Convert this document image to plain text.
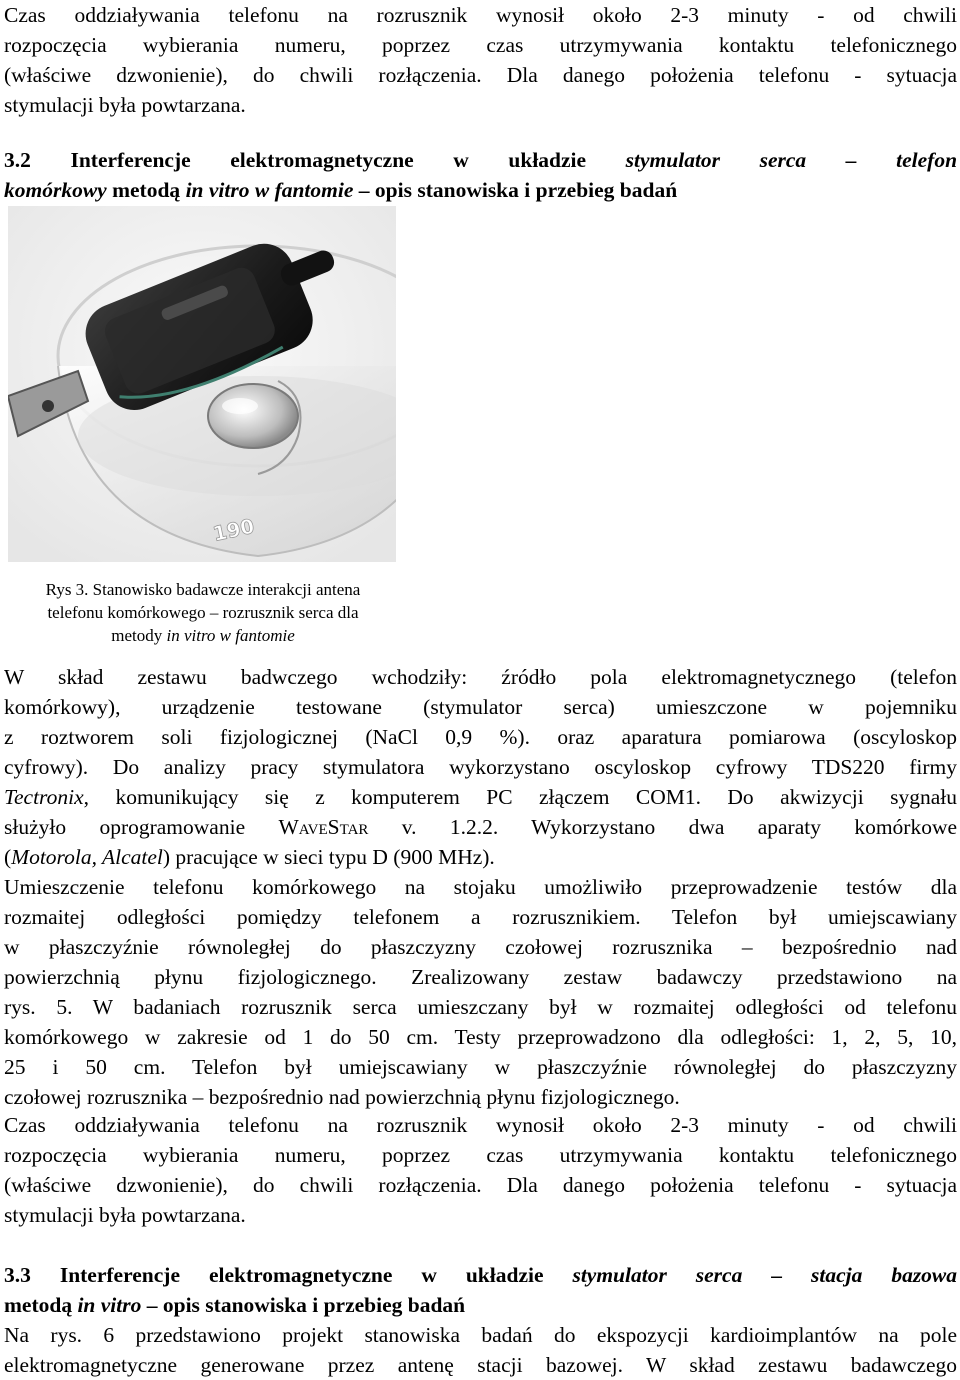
Czas oddziaływania telefonu na rozrusznik wynosił około 2-3 minuty - od chwili

rozpoczęcia wybierania numeru, poprzez czas utrzymywania kontaktu telefonicznego

(właściwe dzwonienie), do chwili rozłączenia. Dla danego położenia telefonu - sytuacja

stymulacji była powtarzana.

3.2 Interferencje elektromagnetyczne w układzie stymulator serca – telefon

komórkowy metodą in vitro w fantomie – opis stanowiska i przebieg badań

190
Rys 3. Stanowisko badawcze interakcji antena
telefonu komórkowego – rozrusznik serca dla
metody in vitro w fantomie

W skład zestawu badwczego wchodziły: źródło pola elektromagnetycznego (telefon

komórkowy), urządzenie testowane (stymulator serca) umieszczone w pojemniku

z roztworem soli fizjologicznej (NaCl 0,9 %). oraz aparatura pomiarowa (oscyloskop

cyfrowy). Do analizy pracy stymulatora wykorzystano oscyloskop cyfrowy TDS220 firmy

Tectronix, komunikujący się z komputerem PC złączem COM1. Do akwizycji sygnału

służyło oprogramowanie WaveStar v. 1.2.2. Wykorzystano dwa aparaty komórkowe

(Motorola, Alcatel) pracujące w sieci typu D (900 MHz).

Umieszczenie telefonu komórkowego na stojaku umożliwiło przeprowadzenie testów dla

rozmaitej odległości pomiędzy telefonem a rozrusznikiem. Telefon był umiejscawiany

w płaszczyźnie równoległej do płaszczyzny czołowej rozrusznika – bezpośrednio nad

powierzchnią płynu fizjologicznego. Zrealizowany zestaw badawczy przedstawiono na

rys. 5. W badaniach rozrusznik serca umieszczany był w rozmaitej odległości od telefonu

komórkowego w zakresie od 1 do 50 cm. Testy przeprowadzono dla odległości: 1, 2, 5, 10,

25 i 50 cm. Telefon był umiejscawiany w płaszczyźnie równoległej do płaszczyzny

czołowej rozrusznika – bezpośrednio nad powierzchnią płynu fizjologicznego.

Czas oddziaływania telefonu na rozrusznik wynosił około 2-3 minuty - od chwili

rozpoczęcia wybierania numeru, poprzez czas utrzymywania kontaktu telefonicznego

(właściwe dzwonienie), do chwili rozłączenia. Dla danego położenia telefonu - sytuacja

stymulacji była powtarzana.

3.3 Interferencje elektromagnetyczne w układzie stymulator serca – stacja bazowa

metodą in vitro – opis stanowiska i przebieg badań

Na rys. 6 przedstawiono projekt stanowiska badań do ekspozycji kardioimplantów na pole

elektromagnetyczne generowane przez antenę stacji bazowej. W skład zestawu badawczego
